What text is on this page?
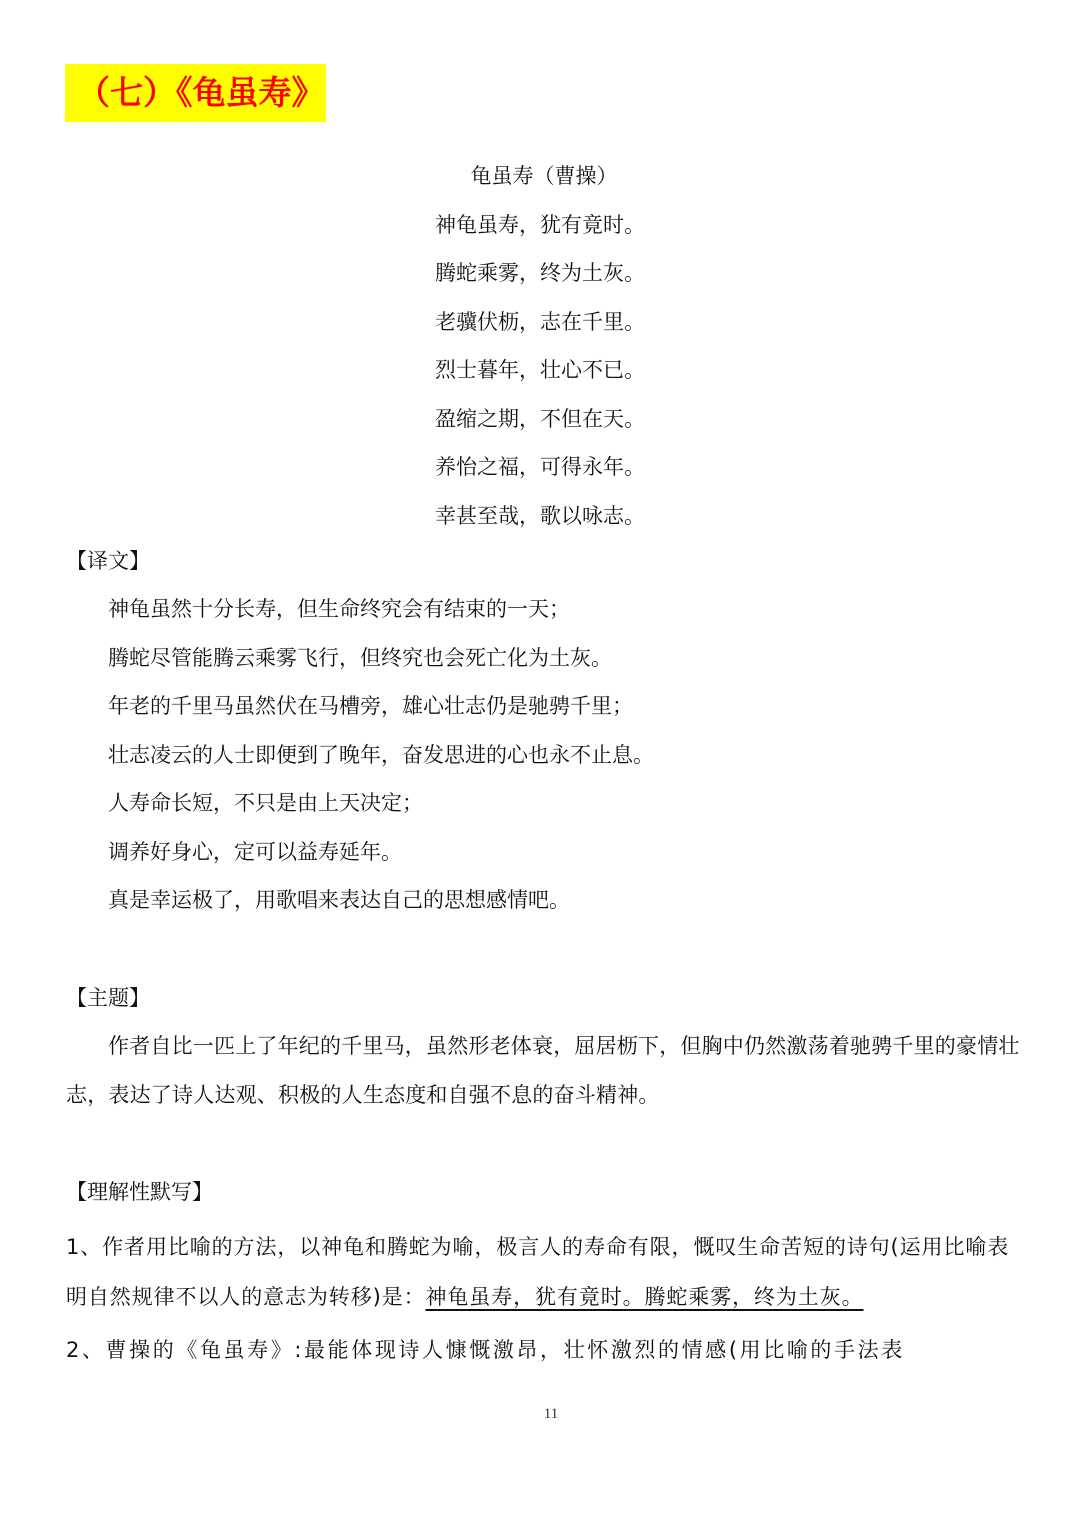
（七）《龟虽寿》
龟虽寿（曹操）
神龟虽寿，犹有竟时。
腾蛇乘雾，终为土灰。
老骥伏枥，志在千里。
烈士暮年，壮心不已。
盈缩之期，不但在天。
养怡之福，可得永年。
幸甚至哉，歌以咏志。
【译文】
神龟虽然十分长寿，但生命终究会有结束的一天；
腾蛇尽管能腾云乘雾飞行，但终究也会死亡化为土灰。
年老的千里马虽然伏在马槽旁，雄心壮志仍是驰骋千里；
壮志凌云的人士即便到了晚年，奋发思进的心也永不止息。
人寿命长短，不只是由上天决定；
调养好身心，定可以益寿延年。
真是幸运极了，用歌唱来表达自己的思想感情吧。
【主题】
作者自比一匹上了年纪的千里马，虽然形老体衰，屈居枥下，但胸中仍然激荡着驰骋千里的豪情壮志，表达了诗人达观、积极的人生态度和自强不息的奋斗精神。
【理解性默写】
1、作者用比喻的方法，以神龟和腾蛇为喻，极言人的寿命有限，慨叹生命苦短的诗句(运用比喻表明自然规律不以人的意志为转移)是：神龟虽寿，犹有竟时。腾蛇乘雾，终为土灰。
2、曹操的《龟虽寿》:最能体现诗人慷慨激昂，壮怀激烈的情感(用比喻的手法表
11
